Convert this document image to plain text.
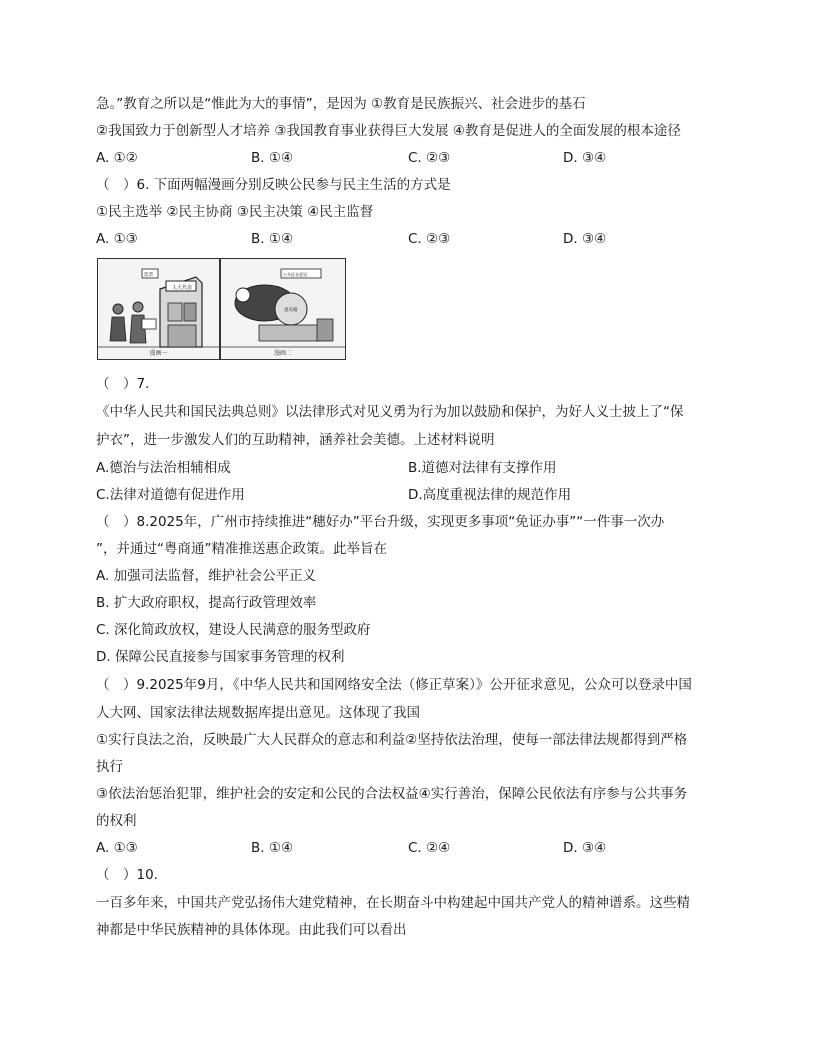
急。”教育之所以是“惟此为大的事情”，是因为 ①教育是民族振兴、社会进步的基石
②我国致力于创新型人才培养 ③我国教育事业获得巨大发展 ④教育是促进人的全面发展的根本途径
A. ①②	B. ①④	C. ②③	D. ③④
（　）6. 下面两幅漫画分别反映公民参与民主生活的方式是
①民主选举 ②民主协商 ③民主决策 ④民主监督
A. ①③	B. ①④	C. ②③	D. ③④
人大代表
选票
漫画一
公开征求意见
意见箱
漫画二
（　）7.
《中华人民共和国民法典总则》以法律形式对见义勇为行为加以鼓励和保护，为好人义士披上了“保
护衣”，进一步激发人们的互助精神，涵养社会美德。上述材料说明
A.德治与法治相辅相成	B.道德对法律有支撑作用
C.法律对道德有促进作用	D.高度重视法律的规范作用
（　）8.2025年，广州市持续推进“穗好办”平台升级，实现更多事项“免证办事”“一件事一次办
”，并通过“粤商通”精准推送惠企政策。此举旨在
A. 加强司法监督，维护社会公平正义
B. 扩大政府职权，提高行政管理效率
C. 深化简政放权，建设人民满意的服务型政府
D. 保障公民直接参与国家事务管理的权利
（　）9.2025年9月，《中华人民共和国网络安全法（修正草案）》公开征求意见，公众可以登录中国
人大网、国家法律法规数据库提出意见。这体现了我国
①实行良法之治，反映最广大人民群众的意志和利益②坚持依法治理，使每一部法律法规都得到严格
执行
③依法治惩治犯罪，维护社会的安定和公民的合法权益④实行善治，保障公民依法有序参与公共事务
的权利
A. ①③	B. ①④	C. ②④	D. ③④
（　）10.
一百多年来，中国共产党弘扬伟大建党精神，在长期奋斗中构建起中国共产党人的精神谱系。这些精
神都是中华民族精神的具体体现。由此我们可以看出
